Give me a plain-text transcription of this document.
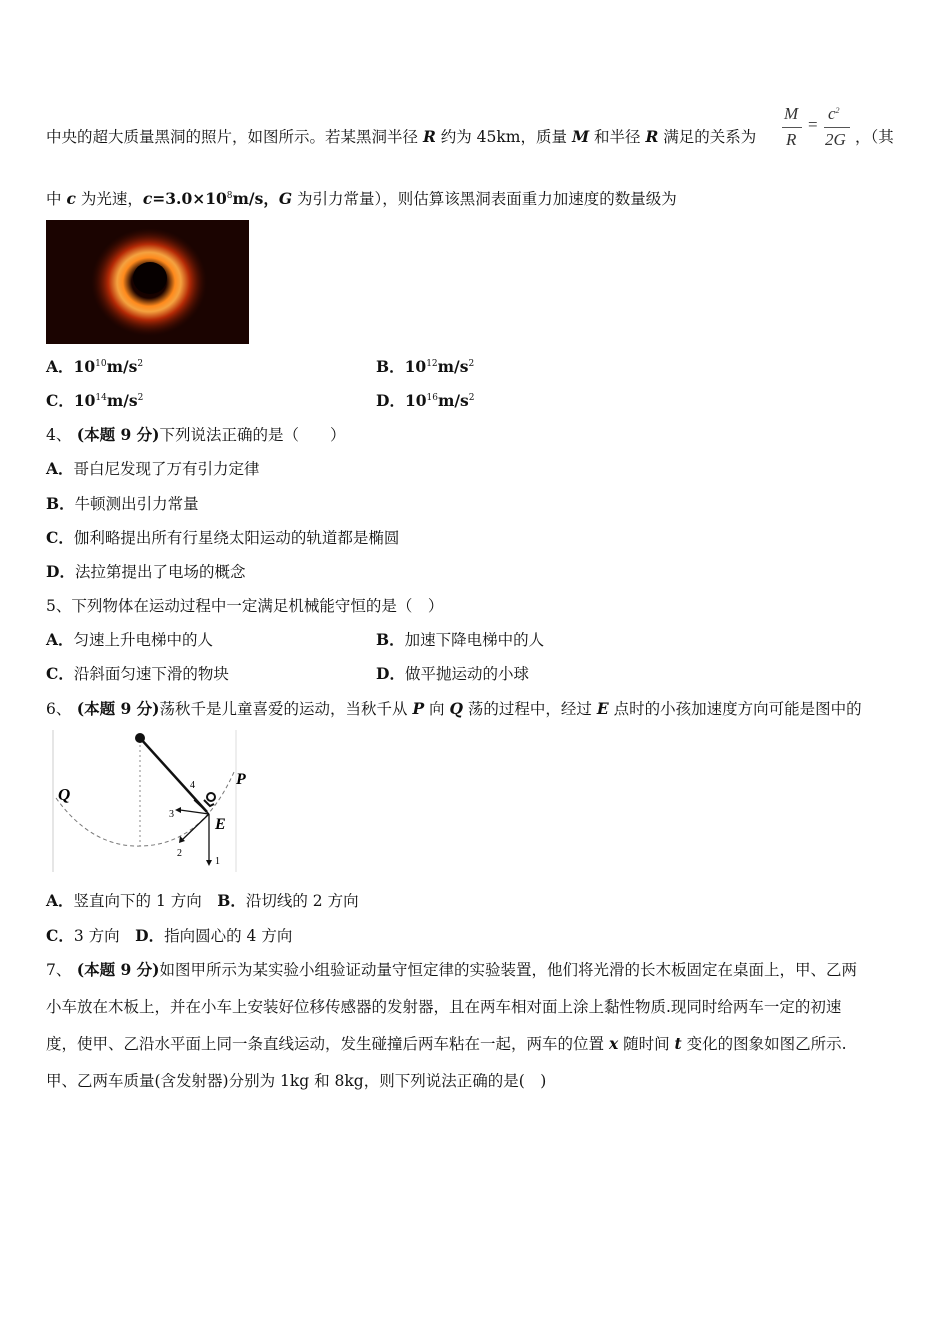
中央的超大质量黑洞的照片，如图所示。若某黑洞半径 R 约为 45km，质量 M 和半径 R 满足的关系为
M
R
=
$c^2$
2G ，（其
中 c 为光速，$c=3.0\times 10^8m/s$，G 为引力常量），则估算该黑洞表面重力加速度的数量级为
A．$10^{10}m/s^2$	B．$10^{12}m/s^2$
C．$10^{14}m/s^2$	D．$10^{16}m/s^2$
4、 (本题 9 分)下列说法正确的是（　　）
A．哥白尼发现了万有引力定律
B．牛顿测出引力常量
C．伽利略提出所有行星绕太阳运动的轨道都是椭圆
D．法拉第提出了电场的概念
5、下列物体在运动过程中一定满足机械能守恒的是（　）
A．匀速上升电梯中的人	B．加速下降电梯中的人
C．沿斜面匀速下滑的物块	D．做平抛运动的小球
6、 (本题 9 分)荡秋千是儿童喜爱的运动，当秋千从 P 向 Q 荡的过程中，经过 E 点时的小孩加速度方向可能是图中的
Q
P
E
1
2
3
4
A．竖直向下的 1 方向　 B．沿切线的 2 方向
C．3 方向　 D．指向圆心的 4 方向
7、 (本题 9 分)如图甲所示为某实验小组验证动量守恒定律的实验装置，他们将光滑的长木板固定在桌面上，甲、乙两
小车放在木板上，并在小车上安装好位移传感器的发射器，且在两车相对面上涂上黏性物质.现同时给两车一定的初速
度，使甲、乙沿水平面上同一条直线运动，发生碰撞后两车粘在一起，两车的位置 x 随时间 t 变化的图象如图乙所示.
甲、乙两车质量(含发射器)分别为 1kg 和 8kg，则下列说法正确的是(　)
